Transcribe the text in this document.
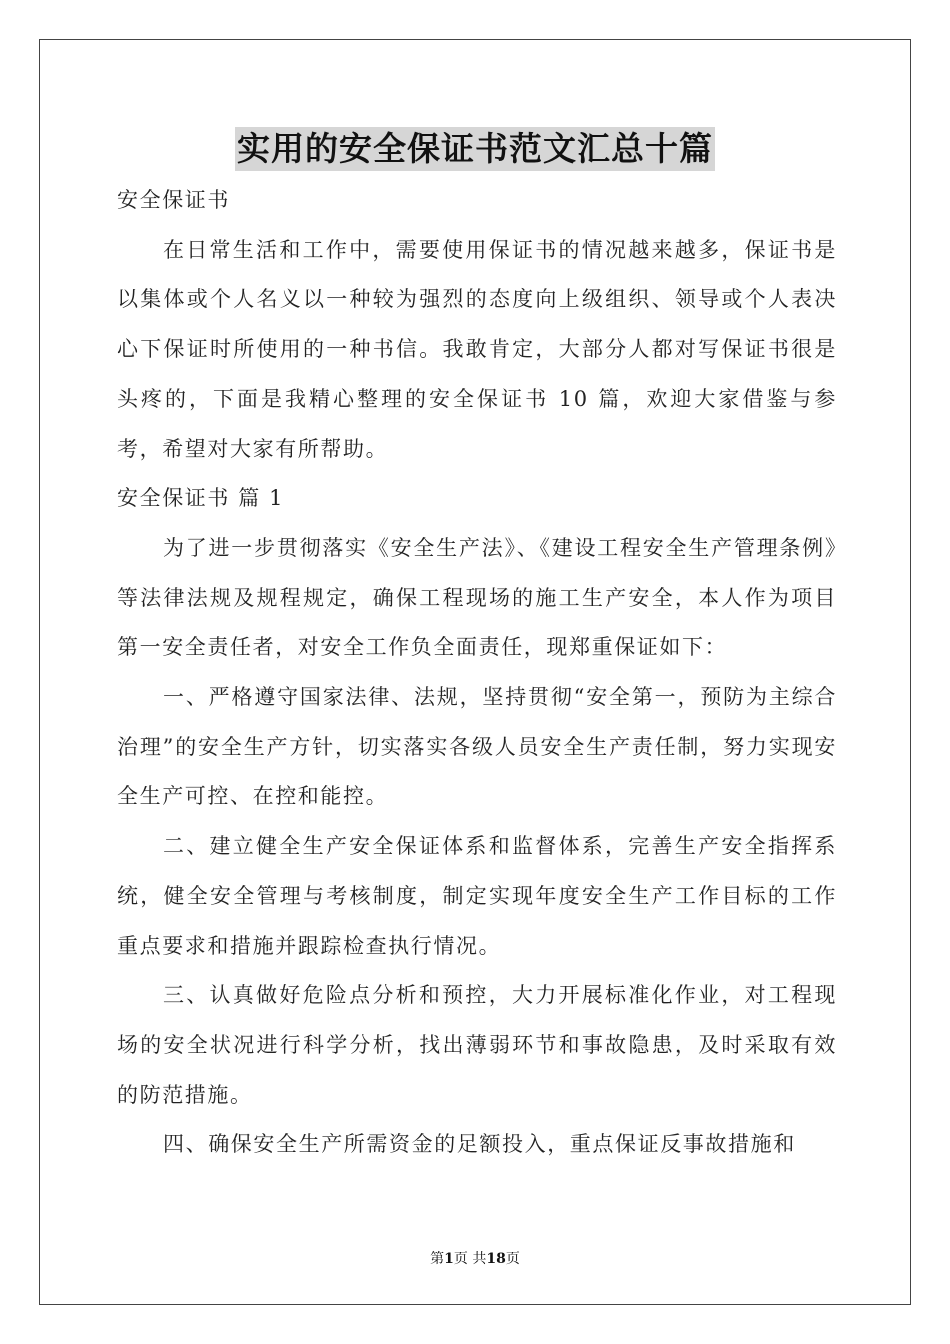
实用的安全保证书范文汇总十篇

安全保证书

在日常生活和工作中，需要使用保证书的情况越来越多，保证书是以集体或个人名义以一种较为强烈的态度向上级组织、领导或个人表决心下保证时所使用的一种书信。我敢肯定，大部分人都对写保证书很是头疼的，下面是我精心整理的安全保证书 10 篇，欢迎大家借鉴与参考，希望对大家有所帮助。

安全保证书 篇 1

为了进一步贯彻落实《安全生产法》、《建设工程安全生产管理条例》等法律法规及规程规定，确保工程现场的施工生产安全，本人作为项目第一安全责任者，对安全工作负全面责任，现郑重保证如下：

一、严格遵守国家法律、法规，坚持贯彻“安全第一，预防为主综合治理”的安全生产方针，切实落实各级人员安全生产责任制，努力实现安全生产可控、在控和能控。

二、建立健全生产安全保证体系和监督体系，完善生产安全指挥系统，健全安全管理与考核制度，制定实现年度安全生产工作目标的工作重点要求和措施并跟踪检查执行情况。

三、认真做好危险点分析和预控，大力开展标准化作业，对工程现场的安全状况进行科学分析，找出薄弱环节和事故隐患，及时采取有效的防范措施。

四、确保安全生产所需资金的足额投入，重点保证反事故措施和

第1页 共18页
